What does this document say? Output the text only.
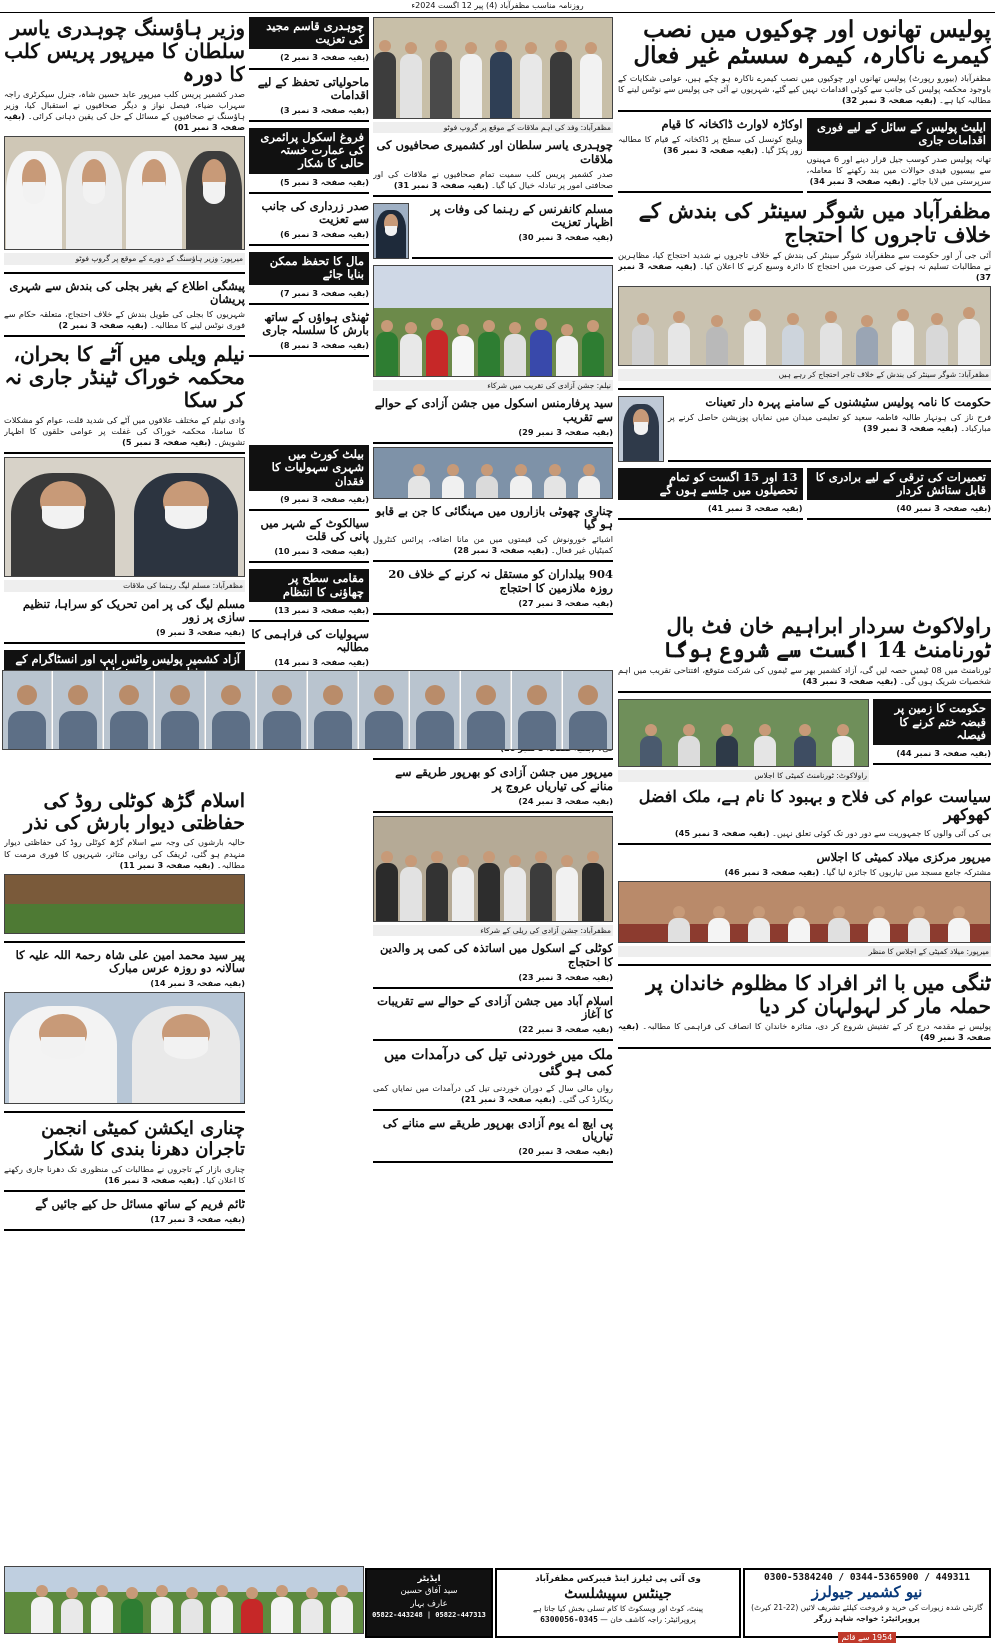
روزنامہ مناسب مظفرآباد (4) پیر 12 اگست 2024ء
پولیس تھانوں اور چوکیوں میں نصب کیمرے ناکارہ، کیمرہ سسٹم غیر فعال

مظفرآباد (بیورو رپورٹ) پولیس تھانوں اور چوکیوں میں نصب کیمرے ناکارہ ہو چکے ہیں، عوامی شکایات کے باوجود محکمہ پولیس کی جانب سے کوئی اقدامات نہیں کیے گئے، شہریوں نے آئی جی پولیس سے نوٹس لینے کا مطالبہ کیا ہے۔ (بقیہ صفحہ 3 نمبر 32)

ایلیٹ پولیس کے سائل کے لیے فوری اقدامات جاری

تھانہ پولیس صدر کوسب جیل قرار دینے اور 6 مہینوں سے بیسیوں قیدی حوالات میں بند رکھنے کا معاملہ، سرپرستی میں لایا جائے۔ (بقیہ صفحہ 3 نمبر 34)

اوکاڑہ لاوارث ڈاکخانہ کا قیام

ویلیج کونسل کی سطح پر ڈاکخانہ کے قیام کا مطالبہ زور پکڑ گیا۔ (بقیہ صفحہ 3 نمبر 36)

مظفرآباد میں شوگر سینٹر کی بندش کے خلاف تاجروں کا احتجاج

آئی جی آر اور حکومت سے مظفرآباد شوگر سینٹر کی بندش کے خلاف تاجروں نے شدید احتجاج کیا، مظاہرین نے مطالبات تسلیم نہ ہونے کی صورت میں احتجاج کا دائرہ وسیع کرنے کا اعلان کیا۔ (بقیہ صفحہ 3 نمبر 37)

مظفرآباد: شوگر سینٹر کی بندش کے خلاف تاجر احتجاج کر رہے ہیں
حکومت کا نامہ پولیس سٹیشنوں کے سامنے پہرہ دار تعینات

فرح ناز کی ہونہار طالبہ فاطمہ سعید کو تعلیمی میدان میں نمایاں پوزیشن حاصل کرنے پر مبارکباد۔ (بقیہ صفحہ 3 نمبر 39)

تعمیرات کی ترقی کے لیے برادری کا قابل ستائش کردار

(بقیہ صفحہ 3 نمبر 40)

13 اور 15 اگست کو تمام تحصیلوں میں جلسے ہوں گے

(بقیہ صفحہ 3 نمبر 41)

راولاکوٹ سردار ابراہیم خان فٹ بال ٹورنامنٹ 14 اگست سے شروع ہوگا

ٹورنامنٹ میں 08 ٹیمیں حصہ لیں گی، آزاد کشمیر بھر سے ٹیموں کی شرکت متوقع، افتتاحی تقریب میں اہم شخصیات شریک ہوں گی۔ (بقیہ صفحہ 3 نمبر 43)

حکومت کا زمین پر قبضہ ختم کرنے کا فیصلہ

(بقیہ صفحہ 3 نمبر 44)

راولاکوٹ: ٹورنامنٹ کمیٹی کا اجلاس
سیاست عوام کی فلاح و بہبود کا نام ہے، ملک افضل کھوکھر

بی کی آئی والوں کا جمہوریت سے دور دور تک کوئی تعلق نہیں۔ (بقیہ صفحہ 3 نمبر 45)

میرپور مرکزی میلاد کمیٹی کا اجلاس

مشترکہ جامع مسجد میں تیاریوں کا جائزہ لیا گیا۔ (بقیہ صفحہ 3 نمبر 46)

میرپور: میلاد کمیٹی کے اجلاس کا منظر
ٹنگی میں با اثر افراد کا مظلوم خاندان پر حملہ مار کر لہولہان کر دیا

پولیس نے مقدمہ درج کر کے تفتیش شروع کر دی، متاثرہ خاندان کا انصاف کی فراہمی کا مطالبہ۔ (بقیہ صفحہ 3 نمبر 49)

مظفرآباد: وفد کی اہم ملاقات کے موقع پر گروپ فوٹو
چوہدری یاسر سلطان اور کشمیری صحافیوں کی ملاقات

صدر کشمیر پریس کلب سمیت تمام صحافیوں نے ملاقات کی اور صحافتی امور پر تبادلہ خیال کیا گیا۔ (بقیہ صفحہ 3 نمبر 31)

مسلم کانفرنس کے رہنما کی وفات پر اظہار تعزیت

(بقیہ صفحہ 3 نمبر 30)

نیلم: جشن آزادی کی تقریب میں شرکاء
سید پرفارمنس اسکول میں جشن آزادی کے حوالے سے تقریب

(بقیہ صفحہ 3 نمبر 29)

چناری چھوٹی بازاروں میں مہنگائی کا جن بے قابو ہو گیا

اشیائے خورونوش کی قیمتوں میں من مانا اضافہ، پرائس کنٹرول کمیٹیاں غیر فعال۔ (بقیہ صفحہ 3 نمبر 28)

904 بیلداران کو مستقل نہ کرنے کے خلاف 20 روزہ ملازمین کا احتجاج

(بقیہ صفحہ 3 نمبر 27)

میرپور میں جشن آزادی کو بھرپور طریقے سے منانے کی تیاریاں عروج پر

(بقیہ صفحہ 3 نمبر 24)

مظفرآباد: جشن آزادی کی ریلی کے شرکاء
کوٹلی کے اسکول میں اساتذہ کی کمی پر والدین کا احتجاج

(بقیہ صفحہ 3 نمبر 23)

اسلام آباد میں جشن آزادی کے حوالے سے تقریبات کا آغاز

(بقیہ صفحہ 3 نمبر 22)

ملک میں خوردنی تیل کی درآمدات میں کمی ہو گئی

رواں مالی سال کے دوران خوردنی تیل کی درآمدات میں نمایاں کمی ریکارڈ کی گئی۔ (بقیہ صفحہ 3 نمبر 21)

پی ایچ اے یوم آزادی بھرپور طریقے سے منانے کی تیاریاں

(بقیہ صفحہ 3 نمبر 20)

چوہدری قاسم مجید کی تعزیت

(بقیہ صفحہ 3 نمبر 2)

ماحولیاتی تحفظ کے لیے اقدامات

(بقیہ صفحہ 3 نمبر 3)

فروغ اسکول پرائمری کی عمارت خستہ حالی کا شکار

(بقیہ صفحہ 3 نمبر 5)

صدر زرداری کی جانب سے تعزیت

(بقیہ صفحہ 3 نمبر 6)

مال کا تحفظ ممکن بنایا جائے

(بقیہ صفحہ 3 نمبر 7)

ٹھنڈی ہواؤں کے ساتھ بارش کا سلسلہ جاری

(بقیہ صفحہ 3 نمبر 8)

بیلٹ کورٹ میں شہری سہولیات کا فقدان

(بقیہ صفحہ 3 نمبر 9)

سیالکوٹ کے شہر میں پانی کی قلت

(بقیہ صفحہ 3 نمبر 10)

مقامی سطح پر چھاؤنی کا انتظام

(بقیہ صفحہ 3 نمبر 13)

سہولیات کی فراہمی کا مطالبہ

(بقیہ صفحہ 3 نمبر 14)

وزیر ہاؤسنگ چوہدری یاسر سلطان کا میرپور پریس کلب کا دورہ

صدر کشمیر پریس کلب میرپور عابد حسین شاہ، جنرل سیکرٹری راجہ سہراب ضیاء، فیصل نواز و دیگر صحافیوں نے استقبال کیا، وزیر ہاؤسنگ نے صحافیوں کے مسائل کے حل کی یقین دہانی کرائی۔ (بقیہ صفحہ 3 نمبر 01)

میرپور: وزیر ہاؤسنگ کے دورے کے موقع پر گروپ فوٹو
پیشگی اطلاع کے بغیر بجلی کی بندش سے شہری پریشان

شہریوں کا بجلی کی طویل بندش کے خلاف احتجاج، متعلقہ حکام سے فوری نوٹس لینے کا مطالبہ۔ (بقیہ صفحہ 3 نمبر 2)

نیلم ویلی میں آٹے کا بحران، محکمہ خوراک ٹینڈر جاری نہ کر سکا

وادی نیلم کے مختلف علاقوں میں آٹے کی شدید قلت، عوام کو مشکلات کا سامنا، محکمہ خوراک کی غفلت پر عوامی حلقوں کا اظہار تشویش۔ (بقیہ صفحہ 3 نمبر 5)

مظفرآباد: مسلم لیگ رہنما کی ملاقات
مسلم لیگ کی پر امن تحریک کو سراہا، تنظیم سازی پر زور

(بقیہ صفحہ 3 نمبر 9)

آزاد کشمیر پولیس واٹس ایپ اور انسٹاگرام کے

اسلام گڑھ کوٹلی روڈ کی حفاظتی دیوار بارش کی نذر

حالیہ بارشوں کی وجہ سے اسلام گڑھ کوٹلی روڈ کی حفاظتی دیوار منہدم ہو گئی، ٹریفک کی روانی متاثر، شہریوں کا فوری مرمت کا مطالبہ۔ (بقیہ صفحہ 3 نمبر 11)

پیر سید محمد امین علی شاہ رحمۃ اللہ علیہ کا سالانہ دو روزہ عرس مبارک

(بقیہ صفحہ 3 نمبر 14)

چناری ایکشن کمیٹی انجمن تاجران دھرنا بندی کا شکار

چناری بازار کے تاجروں نے مطالبات کی منظوری تک دھرنا جاری رکھنے کا اعلان کیا۔ (بقیہ صفحہ 3 نمبر 16)

ٹائم فریم کے ساتھ مسائل حل کیے جائیں گے

(بقیہ صفحہ 3 نمبر 17)

0300-5384240 / 0344-5365900 / 449311
نیو کشمیر جیولرز
گارنٹی شدہ زیورات کی خرید و فروخت کیلئے تشریف لائیں (22-21 کیرٹ)
پروپرائیٹر: خواجہ شاہد زرگر
1954 سے قائم
وی آئی پی ٹیلرز اینڈ فیبرکس مظفرآباد
جینٹس سپیشلسٹ
پینٹ، کوٹ اور ویسکوٹ کا کام تسلی بخش کیا جاتا ہے
پروپرائیٹر: راجہ کاشف خان — 0345-6300056
ایڈیٹر
سید آفاق حسین
عارف بہار
05822-443248 | 05822-447313
